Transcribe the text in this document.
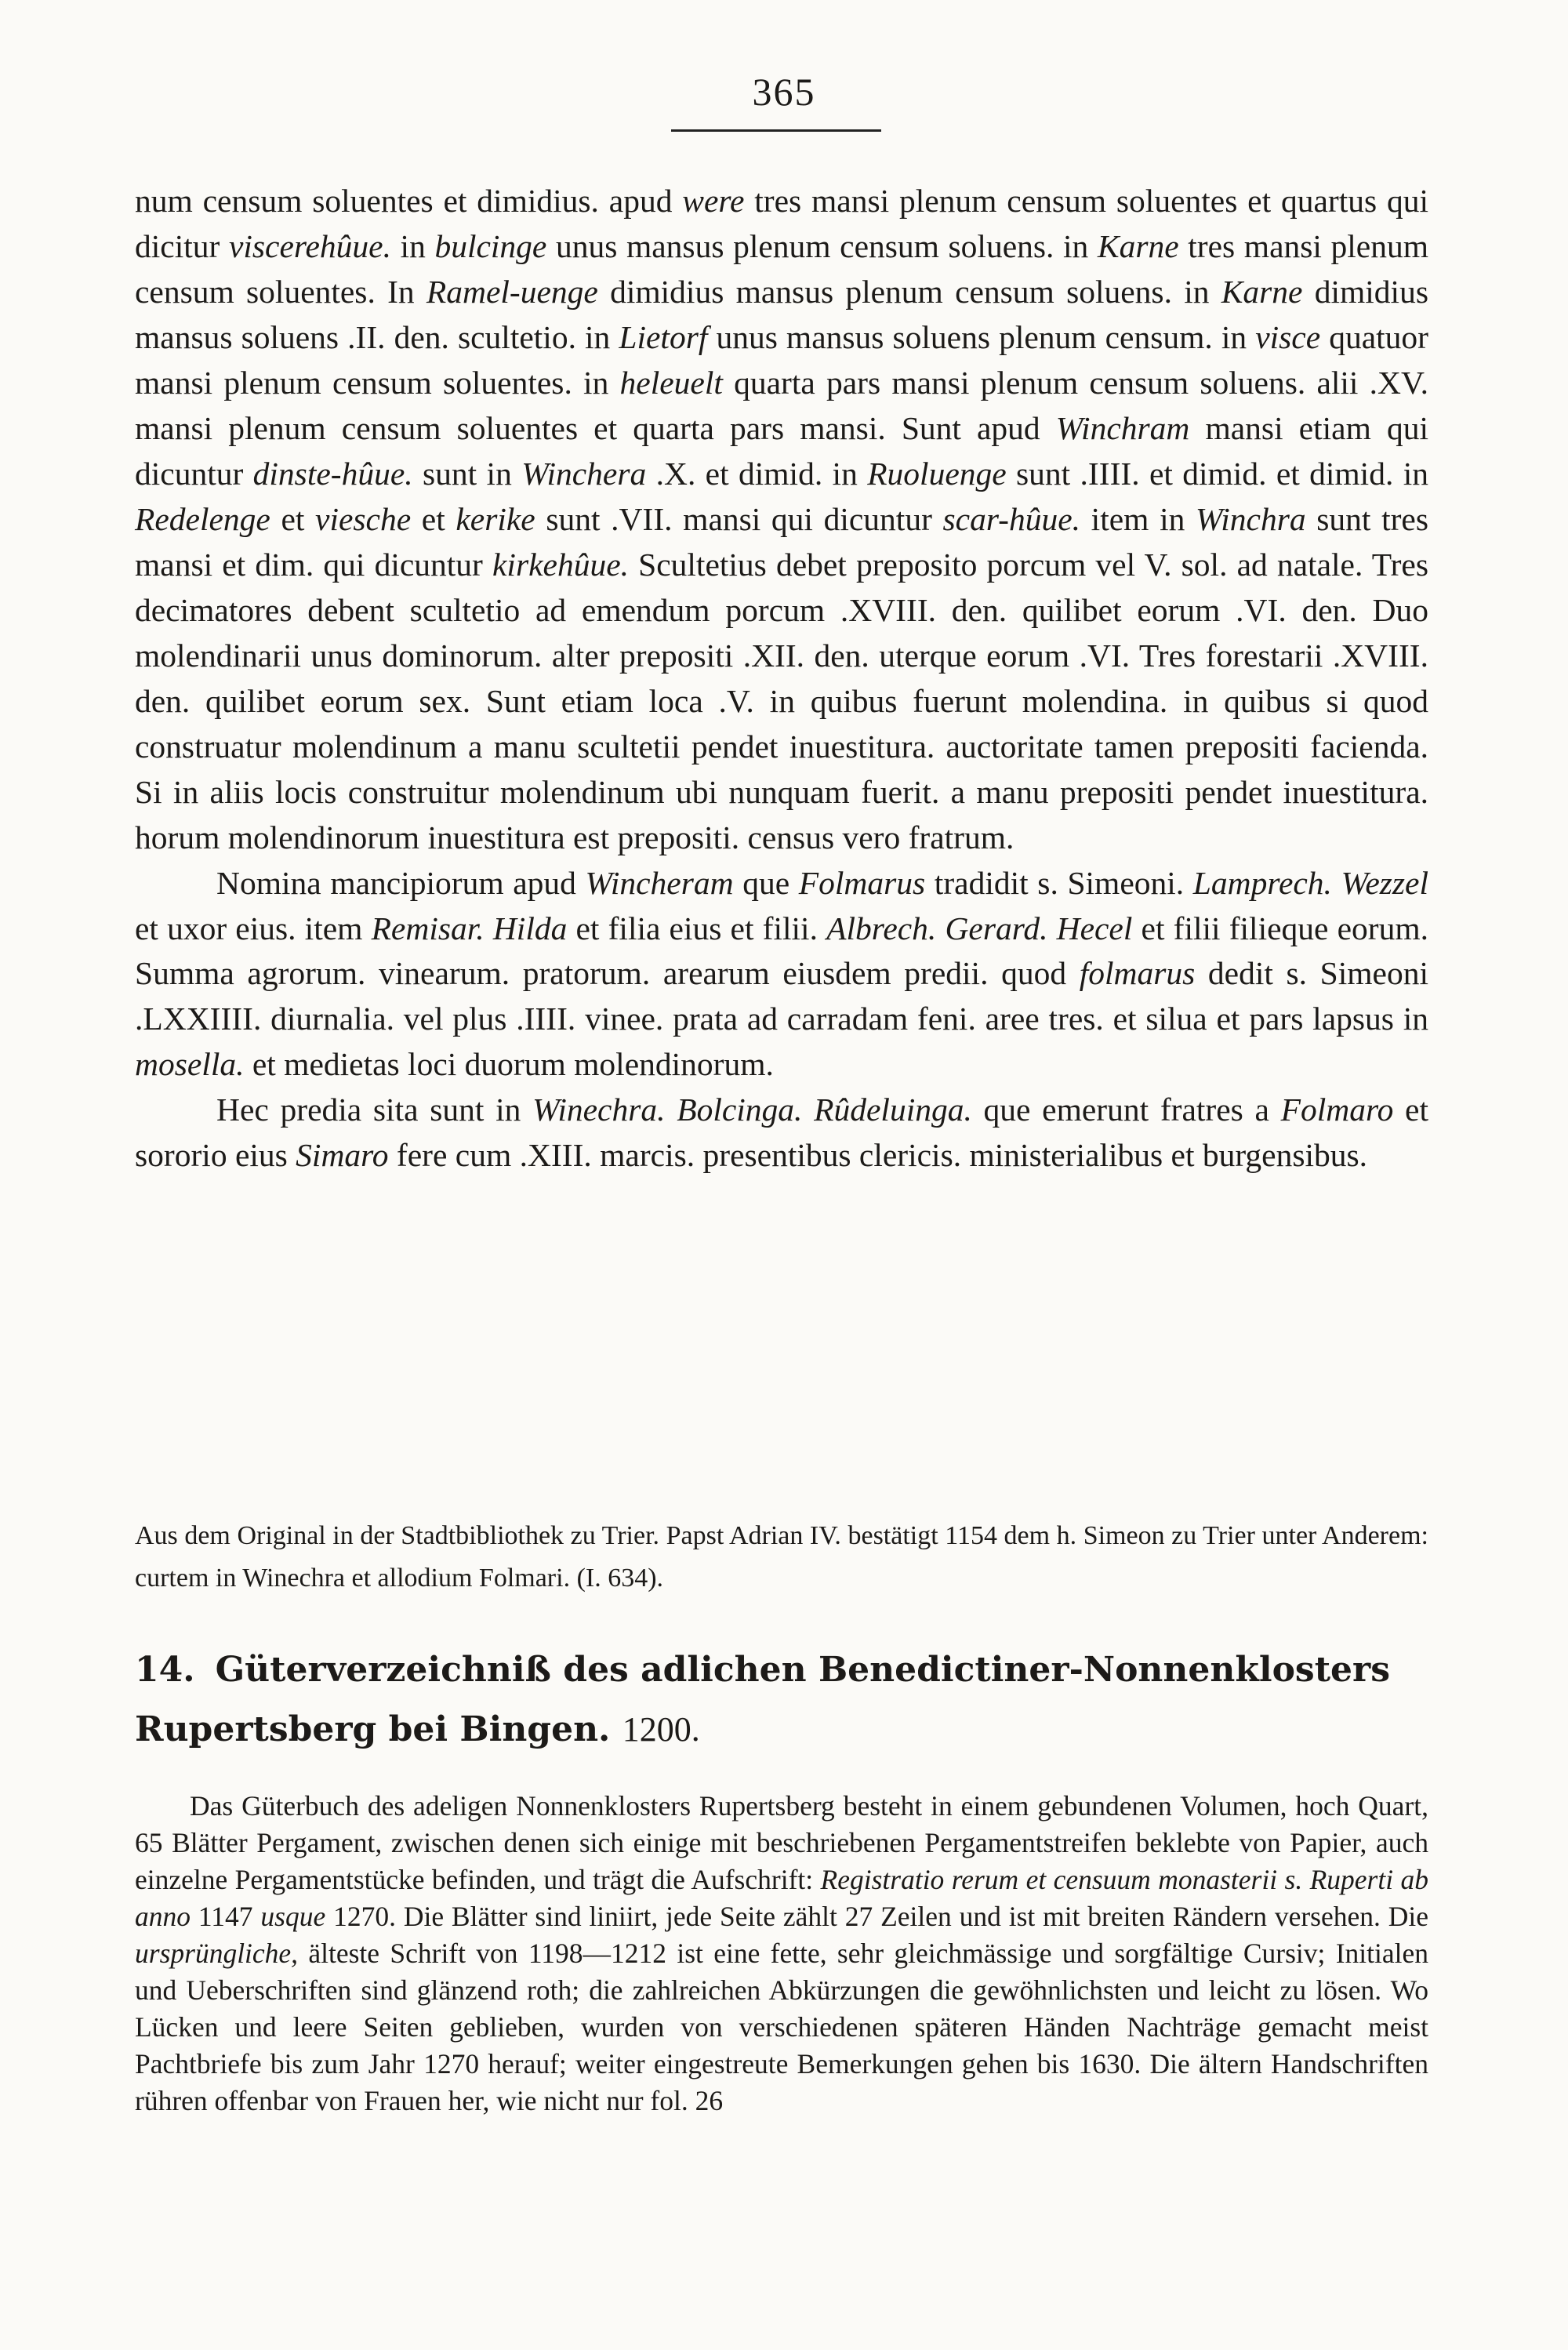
365

num censum soluentes et dimidius. apud were tres mansi plenum censum soluentes et quartus qui dicitur viscerehûue. in bulcinge unus mansus plenum censum soluens. in Karne tres mansi plenum censum soluentes. In Ramel-uenge dimidius mansus plenum censum soluens. in Karne dimidius mansus soluens .II. den. scultetio. in Lietorf unus mansus soluens plenum censum. in visce quatuor mansi plenum censum soluentes. in heleuelt quarta pars mansi plenum censum soluens. alii .XV. mansi plenum censum soluentes et quarta pars mansi. Sunt apud Winchram mansi etiam qui dicuntur dinste-hûue. sunt in Winchera .X. et dimid. in Ruoluenge sunt .IIII. et dimid. et dimid. in Redelenge et viesche et kerike sunt .VII. mansi qui dicuntur scar-hûue. item in Winchra sunt tres mansi et dim. qui dicuntur kirkehûue. Scultetius debet preposito porcum vel V. sol. ad natale. Tres decimatores debent scultetio ad emendum porcum .XVIII. den. quilibet eorum .VI. den. Duo molendinarii unus dominorum. alter prepositi .XII. den. uterque eorum .VI. Tres forestarii .XVIII. den. quilibet eorum sex. Sunt etiam loca .V. in quibus fuerunt molendina. in quibus si quod construatur molendinum a manu scultetii pendet inuestitura. auctoritate tamen prepositi facienda. Si in aliis locis construitur molendinum ubi nunquam fuerit. a manu prepositi pendet inuestitura. horum molendinorum inuestitura est prepositi. census vero fratrum.

Nomina mancipiorum apud Wincheram que Folmarus tradidit s. Simeoni. Lamprech. Wezzel et uxor eius. item Remisar. Hilda et filia eius et filii. Albrech. Gerard. Hecel et filii filieque eorum. Summa agrorum. vinearum. pratorum. arearum eiusdem predii. quod folmarus dedit s. Simeoni .LXXIIII. diurnalia. vel plus .IIII. vinee. prata ad carradam feni. aree tres. et silua et pars lapsus in mosella. et medietas loci duorum molendinorum.

Hec predia sita sunt in Winechra. Bolcinga. Rûdeluinga. que emerunt fratres a Folmaro et sororio eius Simaro fere cum .XIII. marcis. presentibus clericis. ministerialibus et burgensibus.

Aus dem Original in der Stadtbibliothek zu Trier. Papst Adrian IV. bestätigt 1154 dem h. Simeon zu Trier unter Anderem: curtem in Winechra et allodium Folmari. (I. 634).
14. Güterverzeichniß des adlichen Benedictiner-Nonnenklosters Rupertsberg bei Bingen. 1200.

Das Güterbuch des adeligen Nonnenklosters Rupertsberg besteht in einem gebundenen Volumen, hoch Quart, 65 Blätter Pergament, zwischen denen sich einige mit beschriebenen Pergamentstreifen beklebte von Papier, auch einzelne Pergamentstücke befinden, und trägt die Aufschrift: Registratio rerum et censuum monasterii s. Ruperti ab anno 1147 usque 1270. Die Blätter sind liniirt, jede Seite zählt 27 Zeilen und ist mit breiten Rändern versehen. Die ursprüngliche, älteste Schrift von 1198—1212 ist eine fette, sehr gleichmässige und sorgfältige Cursiv; Initialen und Ueberschriften sind glänzend roth; die zahlreichen Abkürzungen die gewöhnlichsten und leicht zu lösen. Wo Lücken und leere Seiten geblieben, wurden von verschiedenen späteren Händen Nachträge gemacht meist Pachtbriefe bis zum Jahr 1270 herauf; weiter eingestreute Bemerkungen gehen bis 1630. Die ältern Handschriften rühren offenbar von Frauen her, wie nicht nur fol. 26
